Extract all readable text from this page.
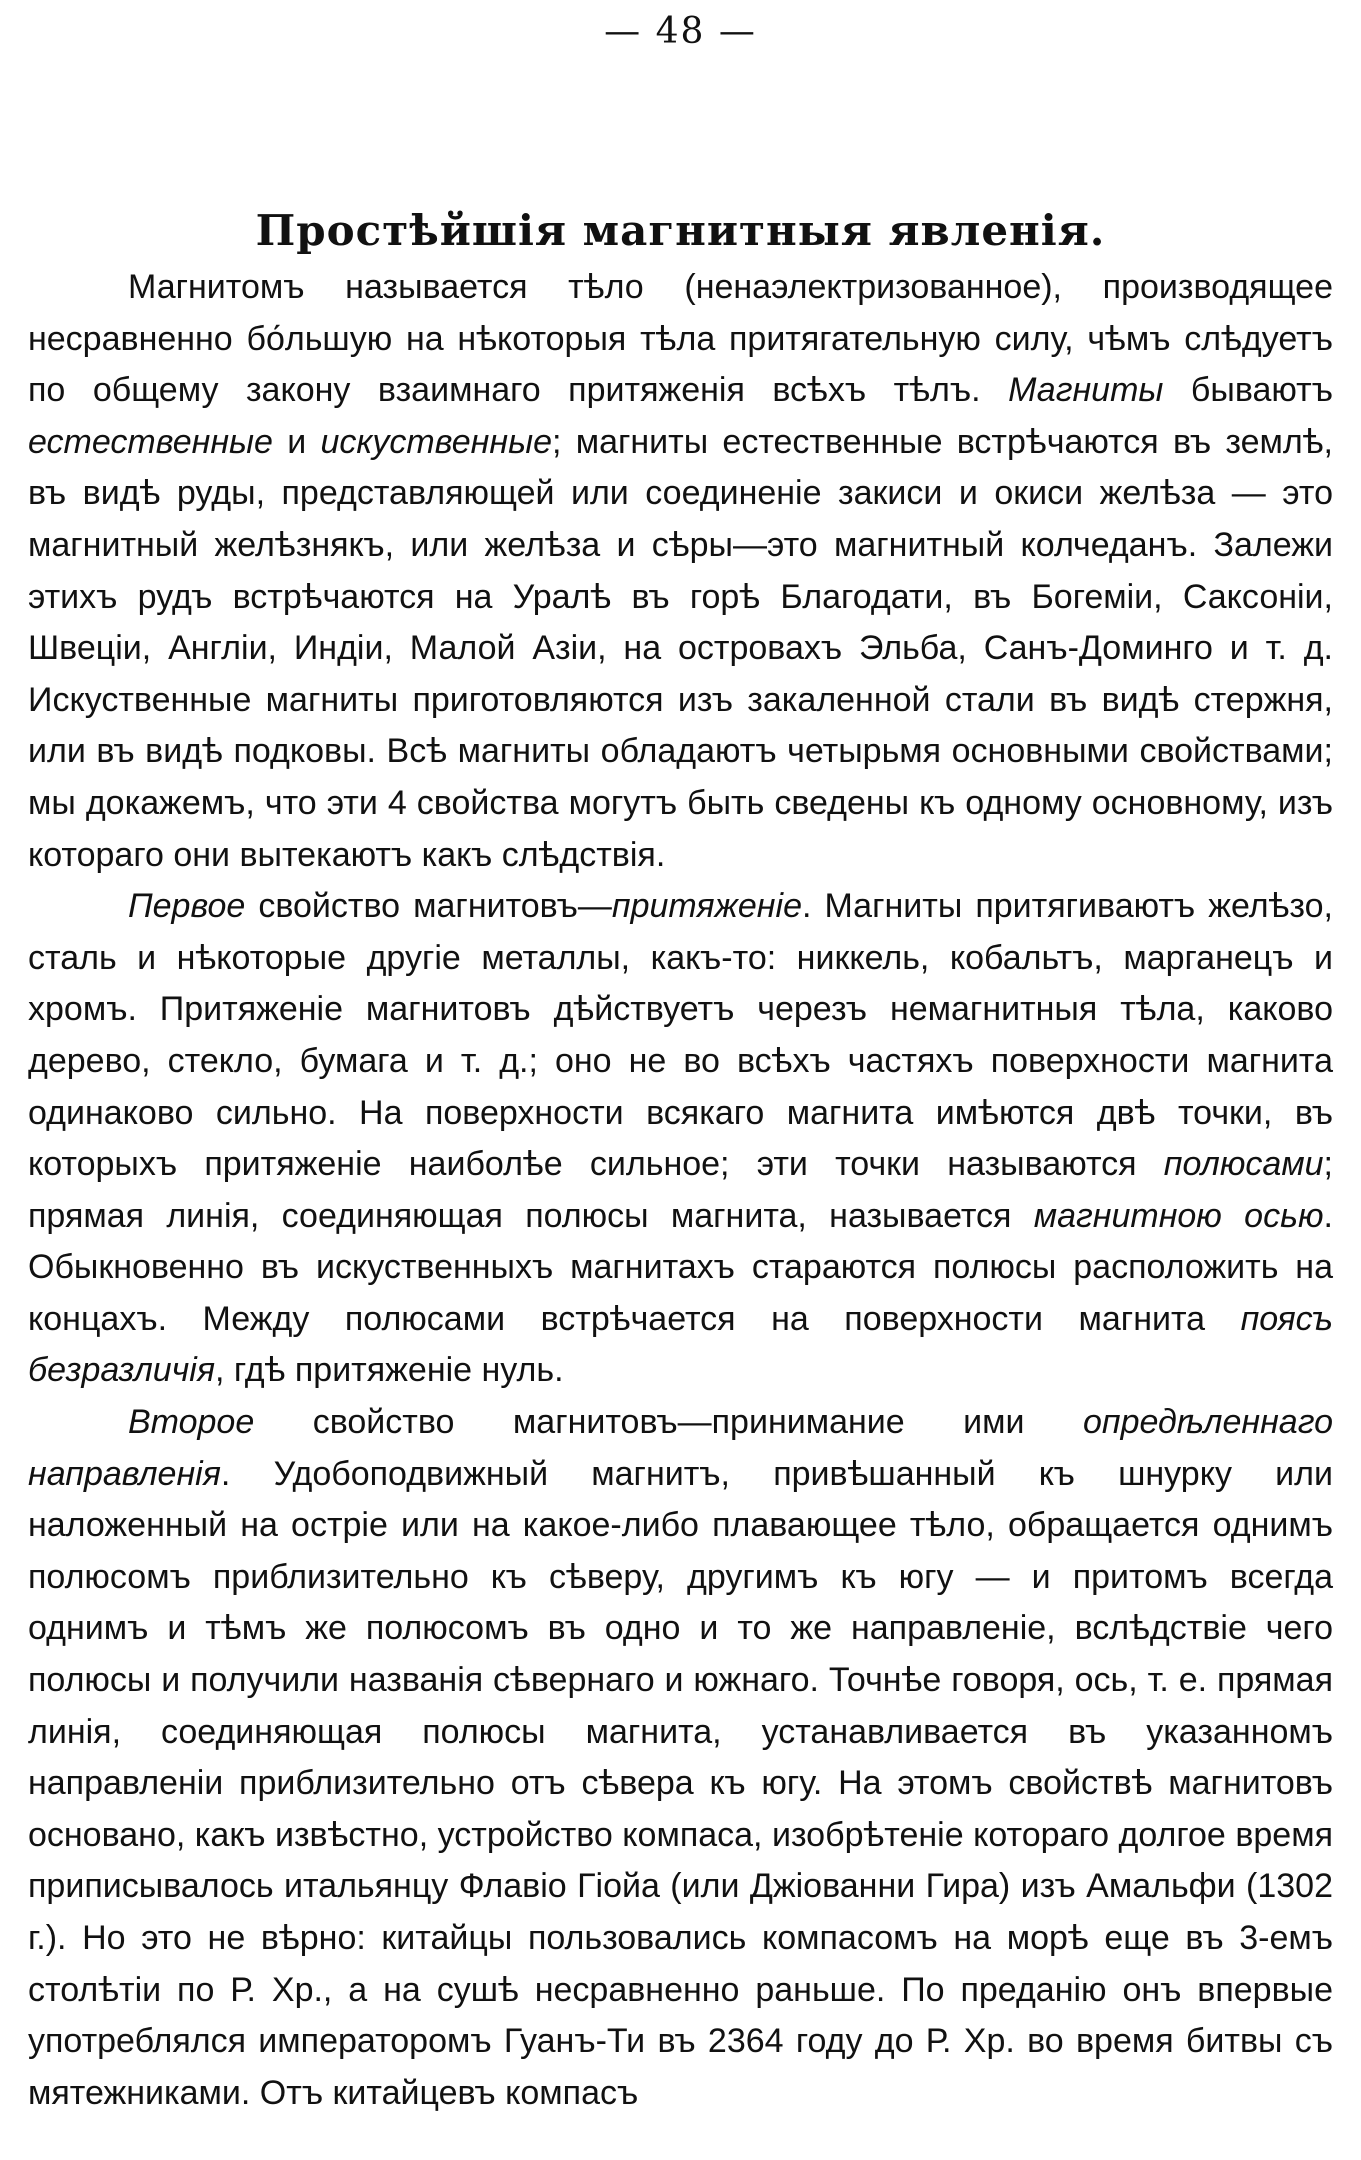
— 48 —
Простѣйшія магнитныя явленія.

Магнитомъ называется тѣло (ненаэлектризованное), производящее несравненно бо́льшую на нѣкоторыя тѣла притягательную силу, чѣмъ слѣдуетъ по общему закону взаимнаго притяженія всѣхъ тѣлъ. Магниты бываютъ естественные и искуственные; магниты естественные встрѣчаются въ землѣ, въ видѣ руды, представляющей или соединеніе закиси и окиси желѣза — это магнитный желѣзнякъ, или желѣза и сѣры—это магнитный колчеданъ. Залежи этихъ рудъ встрѣчаются на Уралѣ въ горѣ Благодати, въ Богеміи, Саксоніи, Швеціи, Англіи, Индіи, Малой Азіи, на островахъ Эльба, Санъ-Доминго и т. д. Искуственные магниты приготовляются изъ закаленной стали въ видѣ стержня, или въ видѣ подковы. Всѣ магниты обладаютъ четырьмя основными свойствами; мы докажемъ, что эти 4 свойства могутъ быть сведены къ одному основному, изъ котораго они вытекаютъ какъ слѣдствія.

Первое свойство магнитовъ—притяженіе. Магниты притягиваютъ желѣзо, сталь и нѣкоторые другіе металлы, какъ-то: никкель, кобальтъ, марганецъ и хромъ. Притяженіе магнитовъ дѣйствуетъ черезъ немагнитныя тѣла, каково дерево, стекло, бумага и т. д.; оно не во всѣхъ частяхъ поверхности магнита одинаково сильно. На поверхности всякаго магнита имѣются двѣ точки, въ которыхъ притяженіе наиболѣе сильное; эти точки называются полюсами; прямая линія, соединяющая полюсы магнита, называется магнитною осью. Обыкновенно въ искуственныхъ магнитахъ стараются полюсы расположить на концахъ. Между полюсами встрѣчается на поверхности магнита поясъ безразличія, гдѣ притяженіе нуль.

Второе свойство магнитовъ—принимание ими опредѣленнаго направленія. Удобоподвижный магнитъ, привѣшанный къ шнурку или наложенный на остріе или на какое-либо плавающее тѣло, обращается однимъ полюсомъ приблизительно къ сѣверу, другимъ къ югу — и притомъ всегда однимъ и тѣмъ же полюсомъ въ одно и то же направленіе, вслѣдствіе чего полюсы и получили названія сѣвернаго и южнаго. Точнѣе говоря, ось, т. е. прямая линія, соединяющая полюсы магнита, устанавливается въ указанномъ направленіи приблизительно отъ сѣвера къ югу. На этомъ свойствѣ магнитовъ основано, какъ извѣстно, устройство компаса, изобрѣтеніе котораго долгое время приписывалось итальянцу Флавіо Гіойа (или Джіованни Гира) изъ Амальфи (1302 г.). Но это не вѣрно: китайцы пользовались компасомъ на морѣ еще въ 3-емъ столѣтіи по Р. Хр., а на сушѣ несравненно раньше. По преданію онъ впервые употреблялся императоромъ Гуанъ-Ти въ 2364 году до Р. Хр. во время битвы съ мятежниками. Отъ китайцевъ компасъ
